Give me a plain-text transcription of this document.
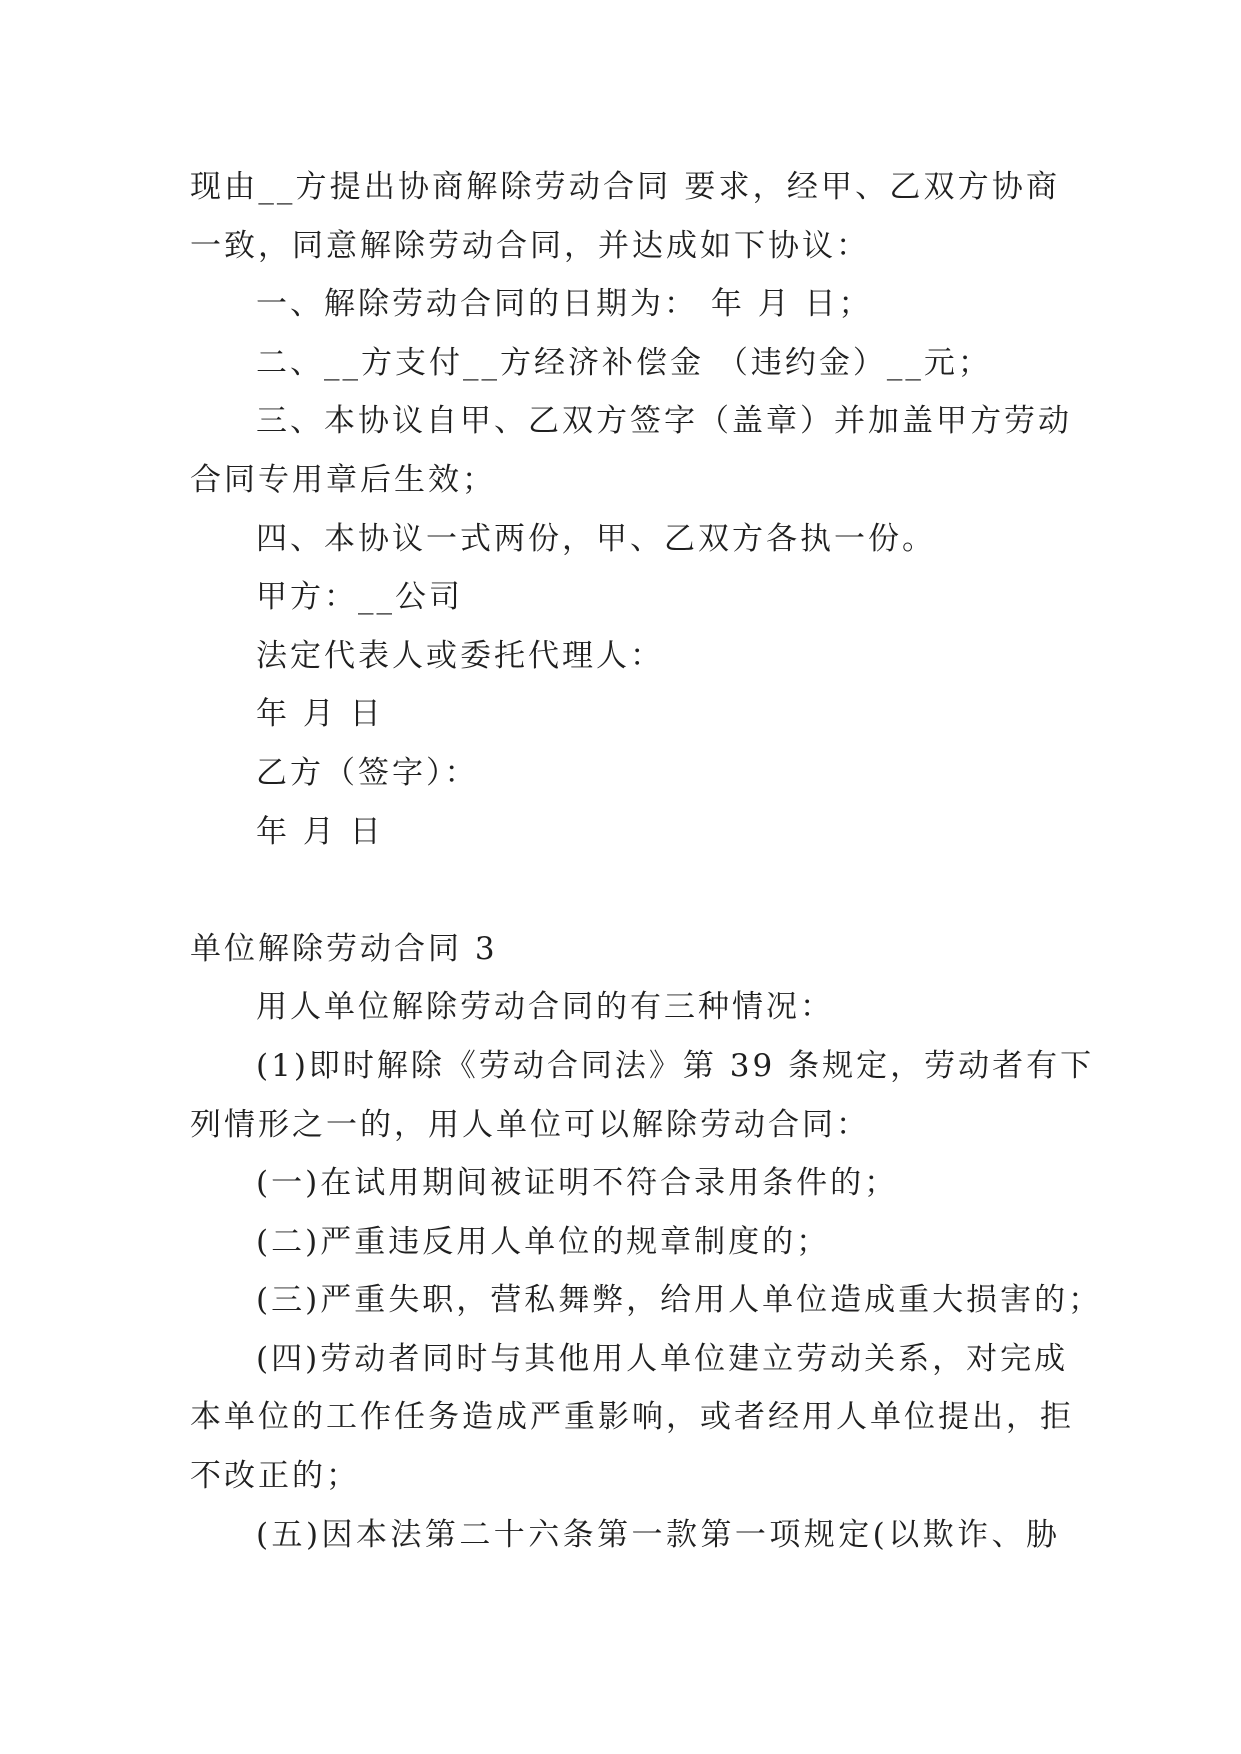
现由__方提出协商解除劳动合同 要求，经甲、乙双方协商
一致，同意解除劳动合同，并达成如下协议：
一、解除劳动合同的日期为： 年 月 日；
二、__方支付__方经济补偿金 （违约金）__元；
三、本协议自甲、乙双方签字（盖章）并加盖甲方劳动
合同专用章后生效；
四、本协议一式两份，甲、乙双方各执一份。
甲方：__公司
法定代表人或委托代理人：
年 月 日
乙方（签字）：
年 月 日
单位解除劳动合同 3
用人单位解除劳动合同的有三种情况：
(1)即时解除《劳动合同法》第 39 条规定，劳动者有下
列情形之一的，用人单位可以解除劳动合同：
(一)在试用期间被证明不符合录用条件的；
(二)严重违反用人单位的规章制度的；
(三)严重失职，营私舞弊，给用人单位造成重大损害的；
(四)劳动者同时与其他用人单位建立劳动关系，对完成
本单位的工作任务造成严重影响，或者经用人单位提出，拒
不改正的；
(五)因本法第二十六条第一款第一项规定(以欺诈、胁
